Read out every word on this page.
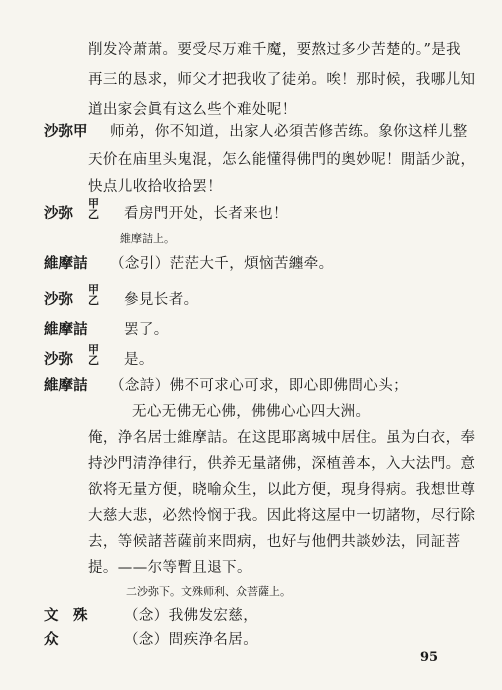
削发冷萧萧。要受尽万难千魔，要熬过多少苦楚的。”是我
再三的恳求，师父才把我收了徒弟。唉！那时候，我哪儿知
道出家会眞有这么些个难处呢！
沙弥甲 师弟，你不知道，出家人必須苦修苦练。象你这样儿整
天价在庙里头鬼混，怎么能懂得佛門的奥妙呢！閒話少說，
快点儿收拾收拾罢！
沙弥
甲
乙 看房門开处，长者来也！
維摩詰上。
維摩詰 （念引）茫茫大千，煩恼苦纏牵。
沙弥
甲
乙 參見长者。
維摩詰	罢了。
沙弥
甲
乙 是。
維摩詰 （念詩）佛不可求心可求，即心即佛問心头；
无心无佛无心佛，佛佛心心四大洲。
俺，浄名居士維摩詰。在这毘耶离城中居住。虽为白衣，奉
持沙門清浄律行，供养无量諸佛，深植善本，入大法門。意
欲将无量方便，晓喻众生，以此方便，現身得病。我想世尊
大慈大悲，必然怜悯于我。因此将这屋中一切諸物，尽行除
去，等候諸菩薩前来問病，也好与他們共談妙法，同証菩
提。——尔等暫且退下。
二沙弥下。文殊师利、众菩薩上。
文　殊	（念）我佛发宏慈，
众	（念）問疾浄名居。
95
